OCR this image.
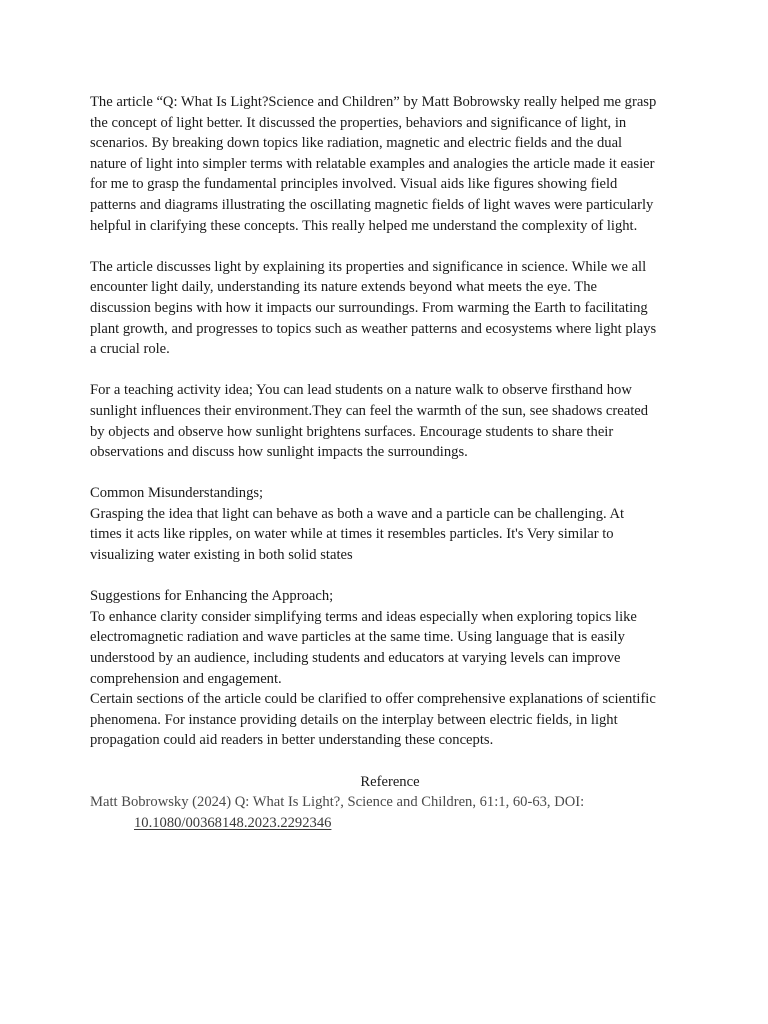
The article “Q: What Is Light?Science and Children” by Matt Bobrowsky really helped me grasp
the concept of light better. It discussed the properties, behaviors and significance of light, in
scenarios. By breaking down topics like radiation, magnetic and electric fields and the dual
nature of light into simpler terms with relatable examples and analogies the article made it easier
for me to grasp the fundamental principles involved. Visual aids like figures showing field
patterns and diagrams illustrating the oscillating magnetic fields of light waves were particularly
helpful in clarifying these concepts. This really helped me understand the complexity of light.

The article discusses light by explaining its properties and significance in science. While we all
encounter light daily, understanding its nature extends beyond what meets the eye. The
discussion begins with how it impacts our surroundings. From warming the Earth to facilitating
plant growth, and progresses to topics such as weather patterns and ecosystems where light plays
a crucial role.

For a teaching activity idea; You can lead students on a nature walk to observe firsthand how
sunlight influences their environment.They can feel the warmth of the sun, see shadows created
by objects and observe how sunlight brightens surfaces. Encourage students to share their
observations and discuss how sunlight impacts the surroundings.

Common Misunderstandings;
Grasping the idea that light can behave as both a wave and a particle can be challenging. At
times it acts like ripples, on water while at times it resembles particles. It's Very similar to
visualizing water existing in both solid states

Suggestions for Enhancing the Approach;
To enhance clarity consider simplifying terms and ideas especially when exploring topics like
electromagnetic radiation and wave particles at the same time. Using language that is easily
understood by an audience, including students and educators at varying levels can improve
comprehension and engagement.
Certain sections of the article could be clarified to offer comprehensive explanations of scientific
phenomena. For instance providing details on the interplay between electric fields, in light
propagation could aid readers in better understanding these concepts.

Reference
Matt Bobrowsky (2024) Q: What Is Light?, Science and Children, 61:1, 60-63, DOI:
10.1080/00368148.2023.2292346
